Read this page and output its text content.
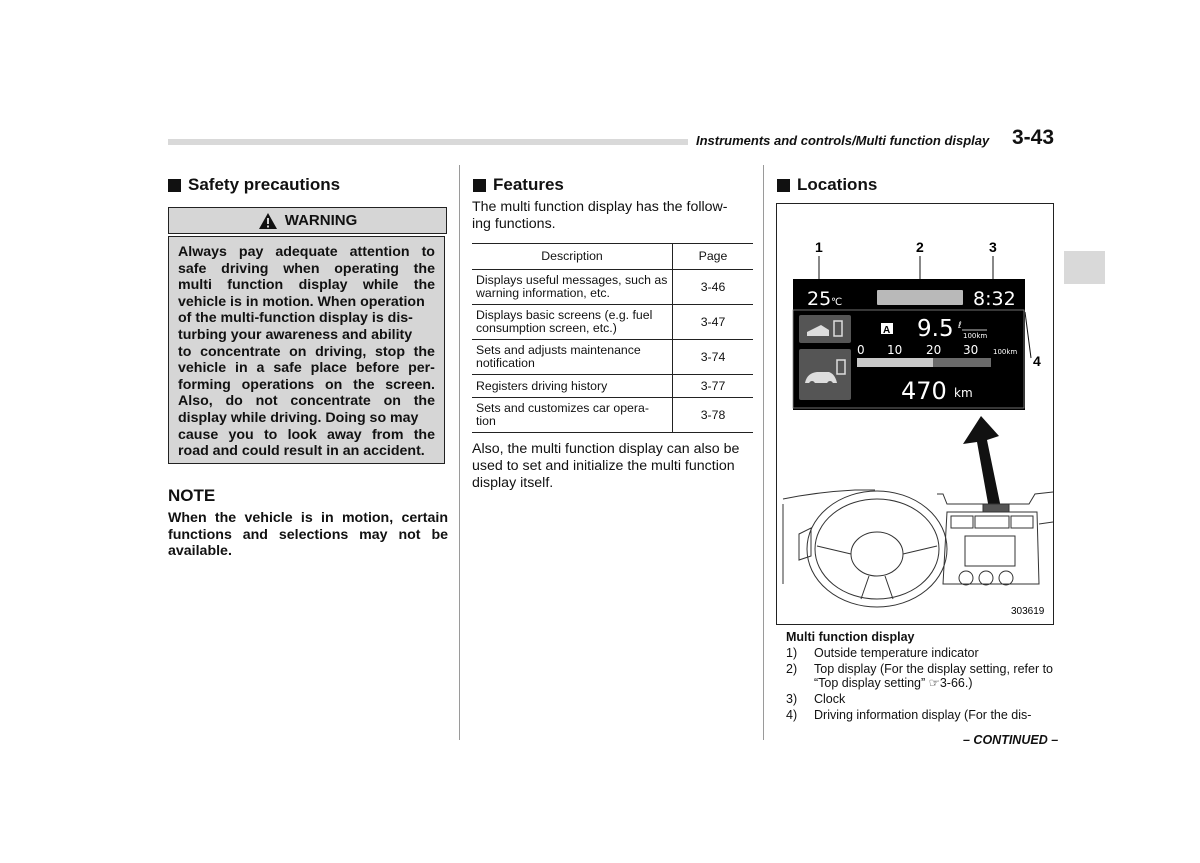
Instruments and controls/Multi function display 3-43
Safety precautions
WARNING
Always pay adequate attention to
safe driving when operating the
multi function display while the
vehicle is in motion. When operation
of the multi-function display is dis-
turbing your awareness and ability
to concentrate on driving, stop the
vehicle in a safe place before per-
forming operations on the screen.
Also, do not concentrate on the
display while driving. Doing so may
cause you to look away from the
road and could result in an accident.
NOTE
When the vehicle is in motion, certain functions and selections may not be available.
Features
The multi function display has the follow-
ing functions.
Description	Page
Displays useful messages, such as warning information, etc.	3-46
Displays basic screens (e.g. fuel consumption screen, etc.)	3-47
Sets and adjusts maintenance notification	3-74
Registers driving history	3-77
Sets and customizes car opera-
tion	3-78
Also, the multi function display can also be used to set and initialize the multi function display itself.
Locations
1	2	3
4
25 ℃	8:32
A 9.5 ℓ
100km
0 10 20 30 100km
470 km
303619
Multi function display
1)	Outside temperature indicator
2)	Top display (For the display setting, refer to “Top display setting” ☞3-66.)
3)	Clock
4)	Driving information display (For the dis-
– CONTINUED –
